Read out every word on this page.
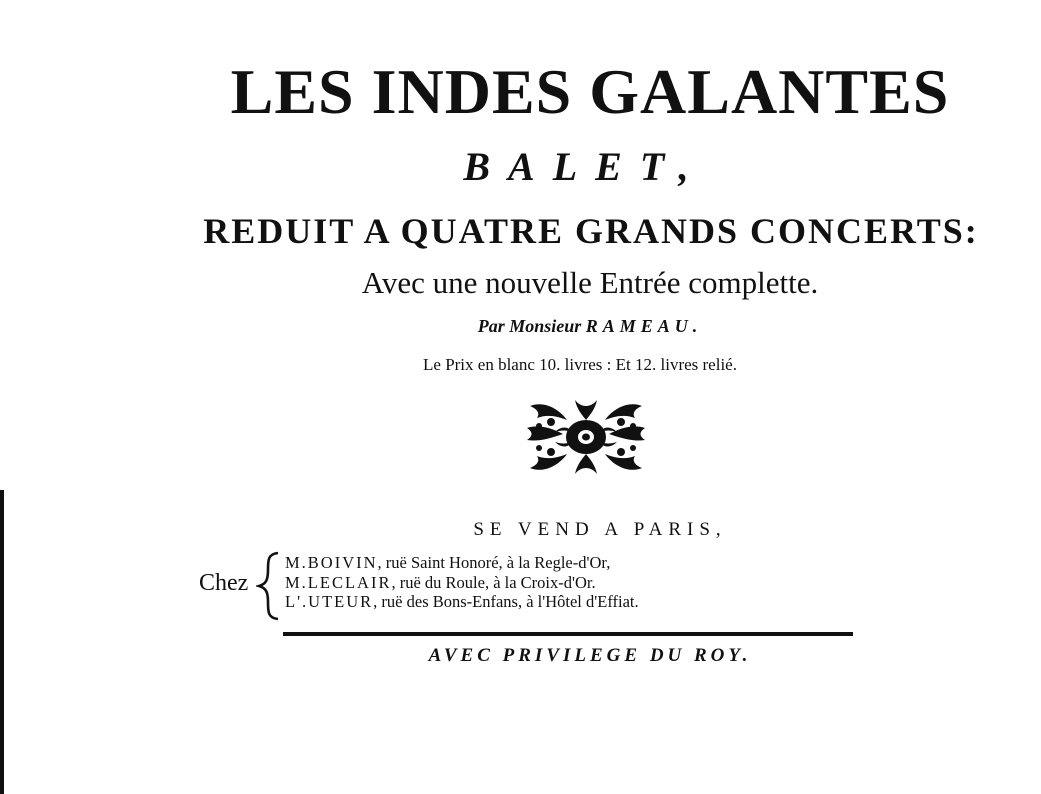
LES INDES GALANTES
BALET,
REDUIT A QUATRE GRANDS CONCERTS:
Avec une nouvelle Entrée complette.
Par Monsieur RAMEAU.
Le Prix en blanc 10. livres : Et 12. livres relié.
SE VEND A PARIS,
Chez
M.BOIVIN, ruë Saint Honoré, à la Regle-d'Or,
M.LECLAIR, ruë du Roule, à la Croix-d'Or.
L'.UTEUR, ruë des Bons-Enfans, à l'Hôtel d'Effiat.
AVEC PRIVILEGE DU ROY.
